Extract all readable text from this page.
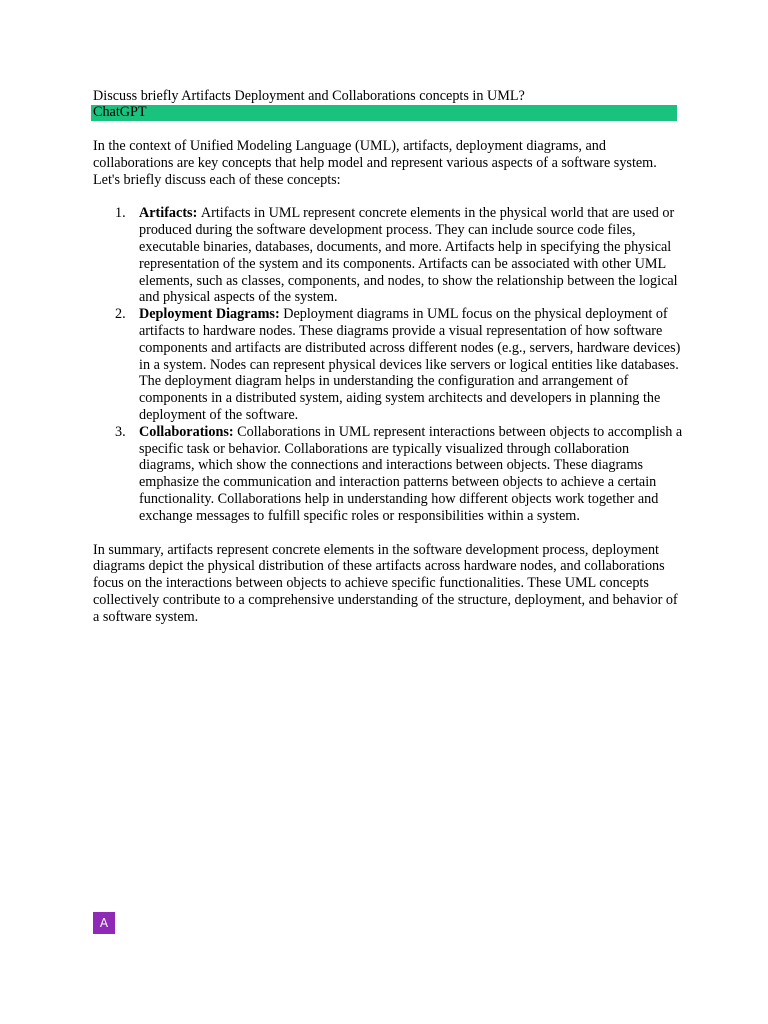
Discuss briefly Artifacts Deployment and Collaborations concepts in UML?
ChatGPT

In the context of Unified Modeling Language (UML), artifacts, deployment diagrams, and collaborations are key concepts that help model and represent various aspects of a software system. Let's briefly discuss each of these concepts:

1. Artifacts: Artifacts in UML represent concrete elements in the physical world that are used or produced during the software development process. They can include source code files, executable binaries, databases, documents, and more. Artifacts help in specifying the physical representation of the system and its components. Artifacts can be associated with other UML elements, such as classes, components, and nodes, to show the relationship between the logical and physical aspects of the system.
2. Deployment Diagrams: Deployment diagrams in UML focus on the physical deployment of artifacts to hardware nodes. These diagrams provide a visual representation of how software components and artifacts are distributed across different nodes (e.g., servers, hardware devices) in a system. Nodes can represent physical devices like servers or logical entities like databases. The deployment diagram helps in understanding the configuration and arrangement of components in a distributed system, aiding system architects and developers in planning the deployment of the software.
3. Collaborations: Collaborations in UML represent interactions between objects to accomplish a specific task or behavior. Collaborations are typically visualized through collaboration diagrams, which show the connections and interactions between objects. These diagrams emphasize the communication and interaction patterns between objects to achieve a certain functionality. Collaborations help in understanding how different objects work together and exchange messages to fulfill specific roles or responsibilities within a system.

In summary, artifacts represent concrete elements in the software development process, deployment diagrams depict the physical distribution of these artifacts across hardware nodes, and collaborations focus on the interactions between objects to achieve specific functionalities. These UML concepts collectively contribute to a comprehensive understanding of the structure, deployment, and behavior of a software system.

A
